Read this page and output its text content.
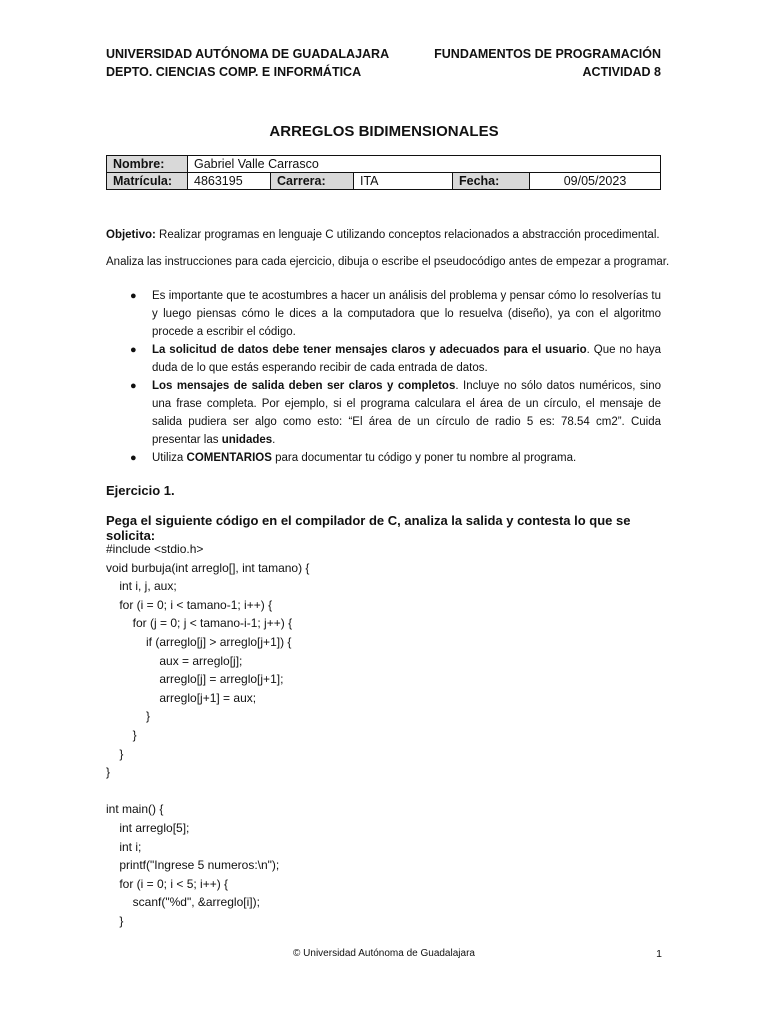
UNIVERSIDAD AUTÓNOMA DE GUADALAJARA
DEPTO. CIENCIAS COMP. E INFORMÁTICA
FUNDAMENTOS DE PROGRAMACIÓN
ACTIVIDAD 8
ARREGLOS BIDIMENSIONALES
Nombre:	Gabriel Valle Carrasco				
Matrícula:	4863195	Carrera:	ITA	Fecha:	09/05/2023
Objetivo: Realizar programas en lenguaje C utilizando conceptos relacionados a abstracción procedimental.
Analiza las instrucciones para cada ejercicio, dibuja o escribe el pseudocódigo antes de empezar a programar.
● Es importante que te acostumbres a hacer un análisis del problema y pensar cómo lo resolverías tu y luego piensas cómo le dices a la computadora que lo resuelva (diseño), ya con el algoritmo procede a escribir el código.
● La solicitud de datos debe tener mensajes claros y adecuados para el usuario. Que no haya duda de lo que estás esperando recibir de cada entrada de datos.
● Los mensajes de salida deben ser claros y completos. Incluye no sólo datos numéricos, sino una frase completa. Por ejemplo, si el programa calculara el área de un círculo, el mensaje de salida pudiera ser algo como esto: “El área de un círculo de radio 5 es: 78.54 cm2”. Cuida presentar las unidades.
● Utiliza COMENTARIOS para documentar tu código y poner tu nombre al programa.
Ejercicio 1.
Pega el siguiente código en el compilador de C, analiza la salida y contesta lo que se solicita:
#include <stdio.h>
void burbuja(int arreglo[], int tamano) {
int i, j, aux;
for (i = 0; i < tamano-1; i++) {
for (j = 0; j < tamano-i-1; j++) {
if (arreglo[j] > arreglo[j+1]) {
aux = arreglo[j];
arreglo[j] = arreglo[j+1];
arreglo[j+1] = aux;
}
}
}
}

int main() {
int arreglo[5];
int i;
printf("Ingrese 5 numeros:\n");
for (i = 0; i < 5; i++) {
scanf("%d", &arreglo[i]);
}
© Universidad Autónoma de Guadalajara	1
